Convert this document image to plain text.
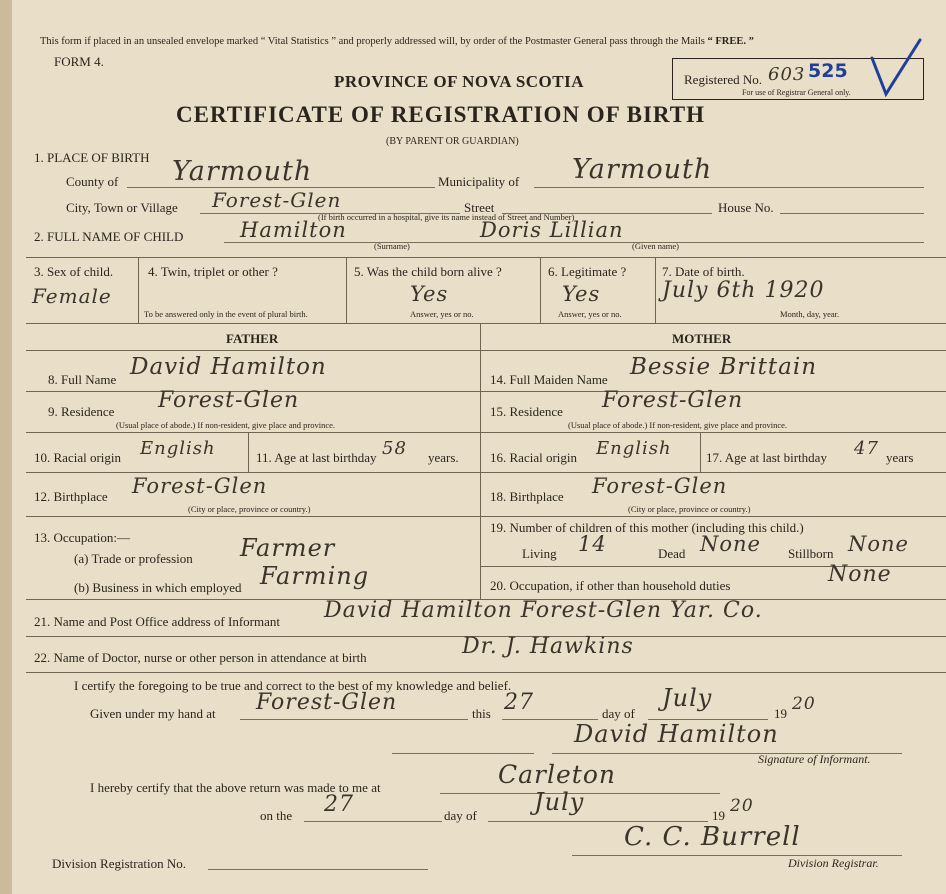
This form if placed in an unsealed envelope marked “ Vital Statistics ” and properly addressed will, by order of the Postmaster General pass through the Mails “ FREE. ”
FORM 4.
Registered No. 603 525
For use of Registrar General only.
PROVINCE OF NOVA SCOTIA
CERTIFICATE OF REGISTRATION OF BIRTH
(BY PARENT OR GUARDIAN)
1. PLACE OF BIRTH
County of Yarmouth	Municipality of Yarmouth
City, Town or Village Forest-Glen	Street	House No.
(If birth occurred in a hospital, give its name instead of Street and Number)
2. FULL NAME OF CHILD	Hamilton	Doris Lillian
(Surname)	(Given name)
3. Sex of child.
Female
4. Twin, triplet or other ?
To be answered only in the event of plural birth.
5. Was the child born alive ?
Yes
Answer, yes or no.
6. Legitimate ?
Yes
Answer, yes or no.
7. Date of birth.
July 6th 1920
Month, day, year.
FATHER	MOTHER
8. Full Name David Hamilton
9. Residence Forest-Glen
(Usual place of abode.) If non-resident, give place and province.
10. Racial origin English	11. Age at last birthday 58 years.
12. Birthplace Forest-Glen
(City or place, province or country.)
13. Occupation:—
(a) Trade or profession Farmer
(b) Business in which employed Farming
14. Full Maiden Name Bessie Brittain
15. Residence Forest-Glen
(Usual place of abode.) If non-resident, give place and province.
16. Racial origin English	17. Age at last birthday 47 years
18. Birthplace Forest-Glen
(City or place, province or country.)
19. Number of children of this mother (including this child.)
Living 14	Dead None Stillborn None
20. Occupation, if other than household duties	None
21. Name and Post Office address of Informant David Hamilton Forest-Glen Yar. Co.
22. Name of Doctor, nurse or other person in attendance at birth	Dr. J. Hawkins
I certify the foregoing to be true and correct to the best of my knowledge and belief.
Given under my hand at Forest-Glen	this 27	day of
July
19 20
David Hamilton
Signature of Informant.
I hereby certify that the above return was made to me at	Carleton
on the 27	day of July	19 20
C. C. Burrell
Division Registration No.	Division Registrar.
